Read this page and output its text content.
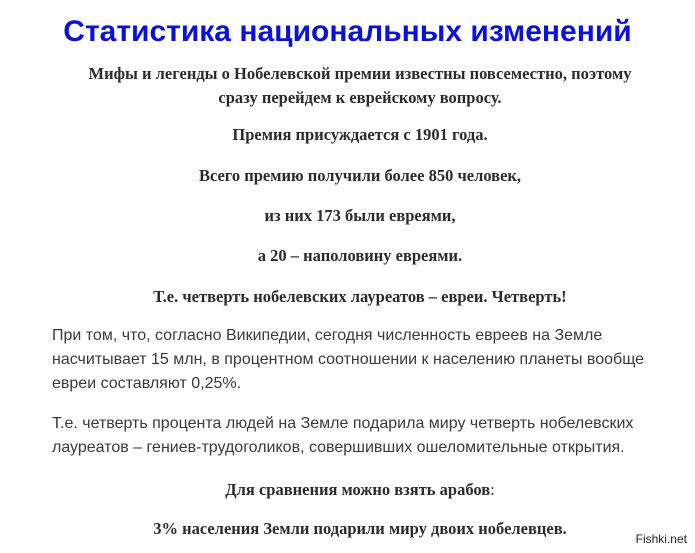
Статистика национальных изменений

Мифы и легенды о Нобелевской премии известны повсеместно, поэтому
сразу перейдем к еврейскому вопросу.

Премия присуждается с 1901 года.

Всего премию получили более 850 человек,

из них 173 были евреями,

а 20 – наполовину евреями.

Т.е. четверть нобелевских лауреатов – евреи. Четверть!

При том, что, согласно Википедии, сегодня численность евреев на Земле
насчитывает 15 млн, в процентном соотношении к населению планеты вообще
евреи составляют 0,25%.

Т.е. четверть процента людей на Земле подарила миру четверть нобелевских
лауреатов – гениев-трудоголиков, совершивших ошеломительные открытия.

Для сравнения можно взять арабов:

3% населения Земли подарили миру двоих нобелевцев.

Fishki.net
